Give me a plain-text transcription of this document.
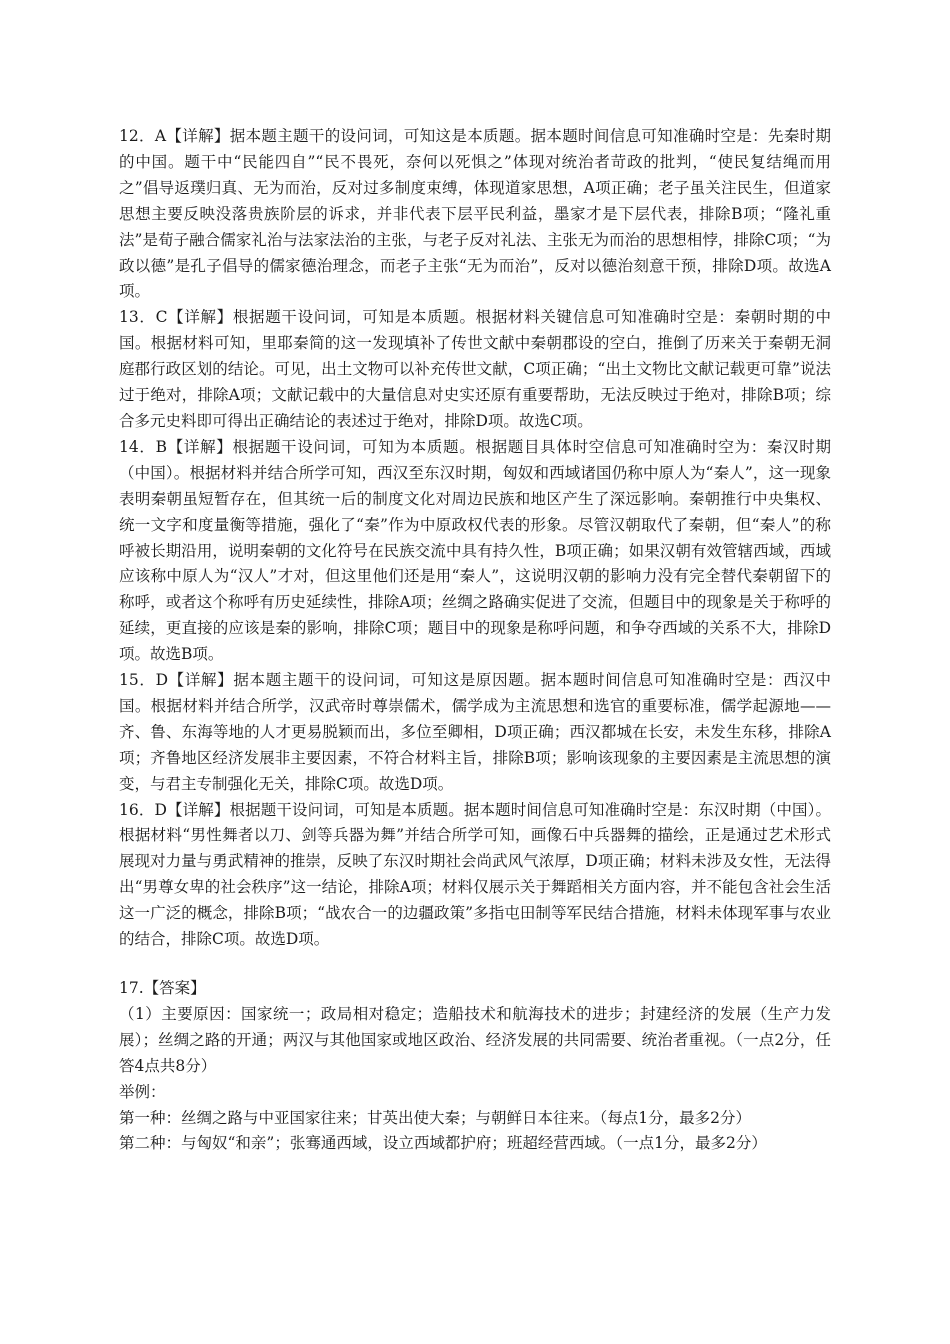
12．A【详解】据本题主题干的设问词，可知这是本质题。据本题时间信息可知准确时空是：先秦时期的中国。题干中“民能四自”“民不畏死，奈何以死惧之”体现对统治者苛政的批判，“使民复结绳而用之”倡导返璞归真、无为而治，反对过多制度束缚，体现道家思想，A项正确；老子虽关注民生，但道家思想主要反映没落贵族阶层的诉求，并非代表下层平民利益，墨家才是下层代表，排除B项；“隆礼重法”是荀子融合儒家礼治与法家法治的主张，与老子反对礼法、主张无为而治的思想相悖，排除C项；“为政以德”是孔子倡导的儒家德治理念，而老子主张“无为而治”，反对以德治刻意干预，排除D项。故选A项。

13．C【详解】根据题干设问词，可知是本质题。根据材料关键信息可知准确时空是：秦朝时期的中国。根据材料可知，里耶秦简的这一发现填补了传世文献中秦朝郡设的空白，推倒了历来关于秦朝无洞庭郡行政区划的结论。可见，出土文物可以补充传世文献，C项正确；“出土文物比文献记载更可靠”说法过于绝对，排除A项；文献记载中的大量信息对史实还原有重要帮助，无法反映过于绝对，排除B项；综合多元史料即可得出正确结论的表述过于绝对，排除D项。故选C项。

14．B【详解】根据题干设问词，可知为本质题。根据题目具体时空信息可知准确时空为：秦汉时期（中国）。根据材料并结合所学可知，西汉至东汉时期，匈奴和西域诸国仍称中原人为“秦人”，这一现象表明秦朝虽短暂存在，但其统一后的制度文化对周边民族和地区产生了深远影响。秦朝推行中央集权、统一文字和度量衡等措施，强化了“秦”作为中原政权代表的形象。尽管汉朝取代了秦朝，但“秦人”的称呼被长期沿用，说明秦朝的文化符号在民族交流中具有持久性，B项正确；如果汉朝有效管辖西域，西域应该称中原人为“汉人”才对，但这里他们还是用“秦人”，这说明汉朝的影响力没有完全替代秦朝留下的称呼，或者这个称呼有历史延续性，排除A项；丝绸之路确实促进了交流，但题目中的现象是关于称呼的延续，更直接的应该是秦的影响，排除C项；题目中的现象是称呼问题，和争夺西域的关系不大，排除D项。故选B项。

15．D【详解】据本题主题干的设问词，可知这是原因题。据本题时间信息可知准确时空是：西汉中国。根据材料并结合所学，汉武帝时尊崇儒术，儒学成为主流思想和选官的重要标准，儒学起源地——齐、鲁、东海等地的人才更易脱颖而出，多位至卿相，D项正确；西汉都城在长安，未发生东移，排除A项；齐鲁地区经济发展非主要因素，不符合材料主旨，排除B项；影响该现象的主要因素是主流思想的演变，与君主专制强化无关，排除C项。故选D项。

16．D【详解】根据题干设问词，可知是本质题。据本题时间信息可知准确时空是：东汉时期（中国）。根据材料“男性舞者以刀、剑等兵器为舞”并结合所学可知，画像石中兵器舞的描绘，正是通过艺术形式展现对力量与勇武精神的推崇，反映了东汉时期社会尚武风气浓厚，D项正确；材料未涉及女性，无法得出“男尊女卑的社会秩序”这一结论，排除A项；材料仅展示关于舞蹈相关方面内容，并不能包含社会生活这一广泛的概念，排除B项；“战农合一的边疆政策”多指屯田制等军民结合措施，材料未体现军事与农业的结合，排除C项。故选D项。

17.【答案】

（1）主要原因：国家统一；政局相对稳定；造船技术和航海技术的进步；封建经济的发展（生产力发展）；丝绸之路的开通；两汉与其他国家或地区政治、经济发展的共同需要、统治者重视。（一点2分，任答4点共8分）

举例：

第一种：丝绸之路与中亚国家往来；甘英出使大秦；与朝鲜日本往来。（每点1分，最多2分）

第二种：与匈奴“和亲”；张骞通西域，设立西域都护府；班超经营西域。（一点1分，最多2分）
